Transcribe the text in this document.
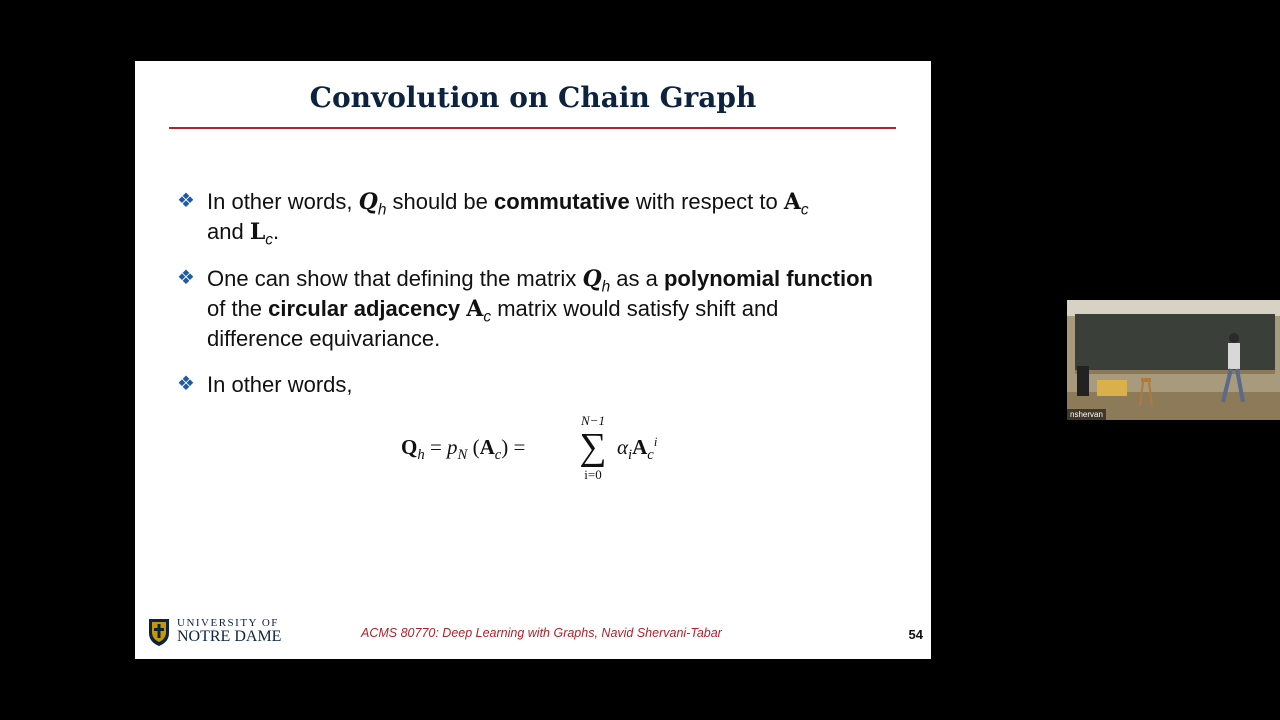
Convolution on Chain Graph
❖ In other words, $Q_h$ should be commutative with respect to $A_c$
and $L_c$.
❖ One can show that defining the matrix $Q_h$ as a polynomial function of the circular adjacency $A_c$ matrix would satisfy shift and difference equivariance.
❖ In other words,
$Q_h = p_N$ $(A_c)$ =
N−1
∑
i=0
$\alpha_iA_c^i$
UNIVERSITY OF
NOTRE DAME	ACMS 80770: Deep Learning with Graphs, Navid Shervani-Tabar	54
nshervan
